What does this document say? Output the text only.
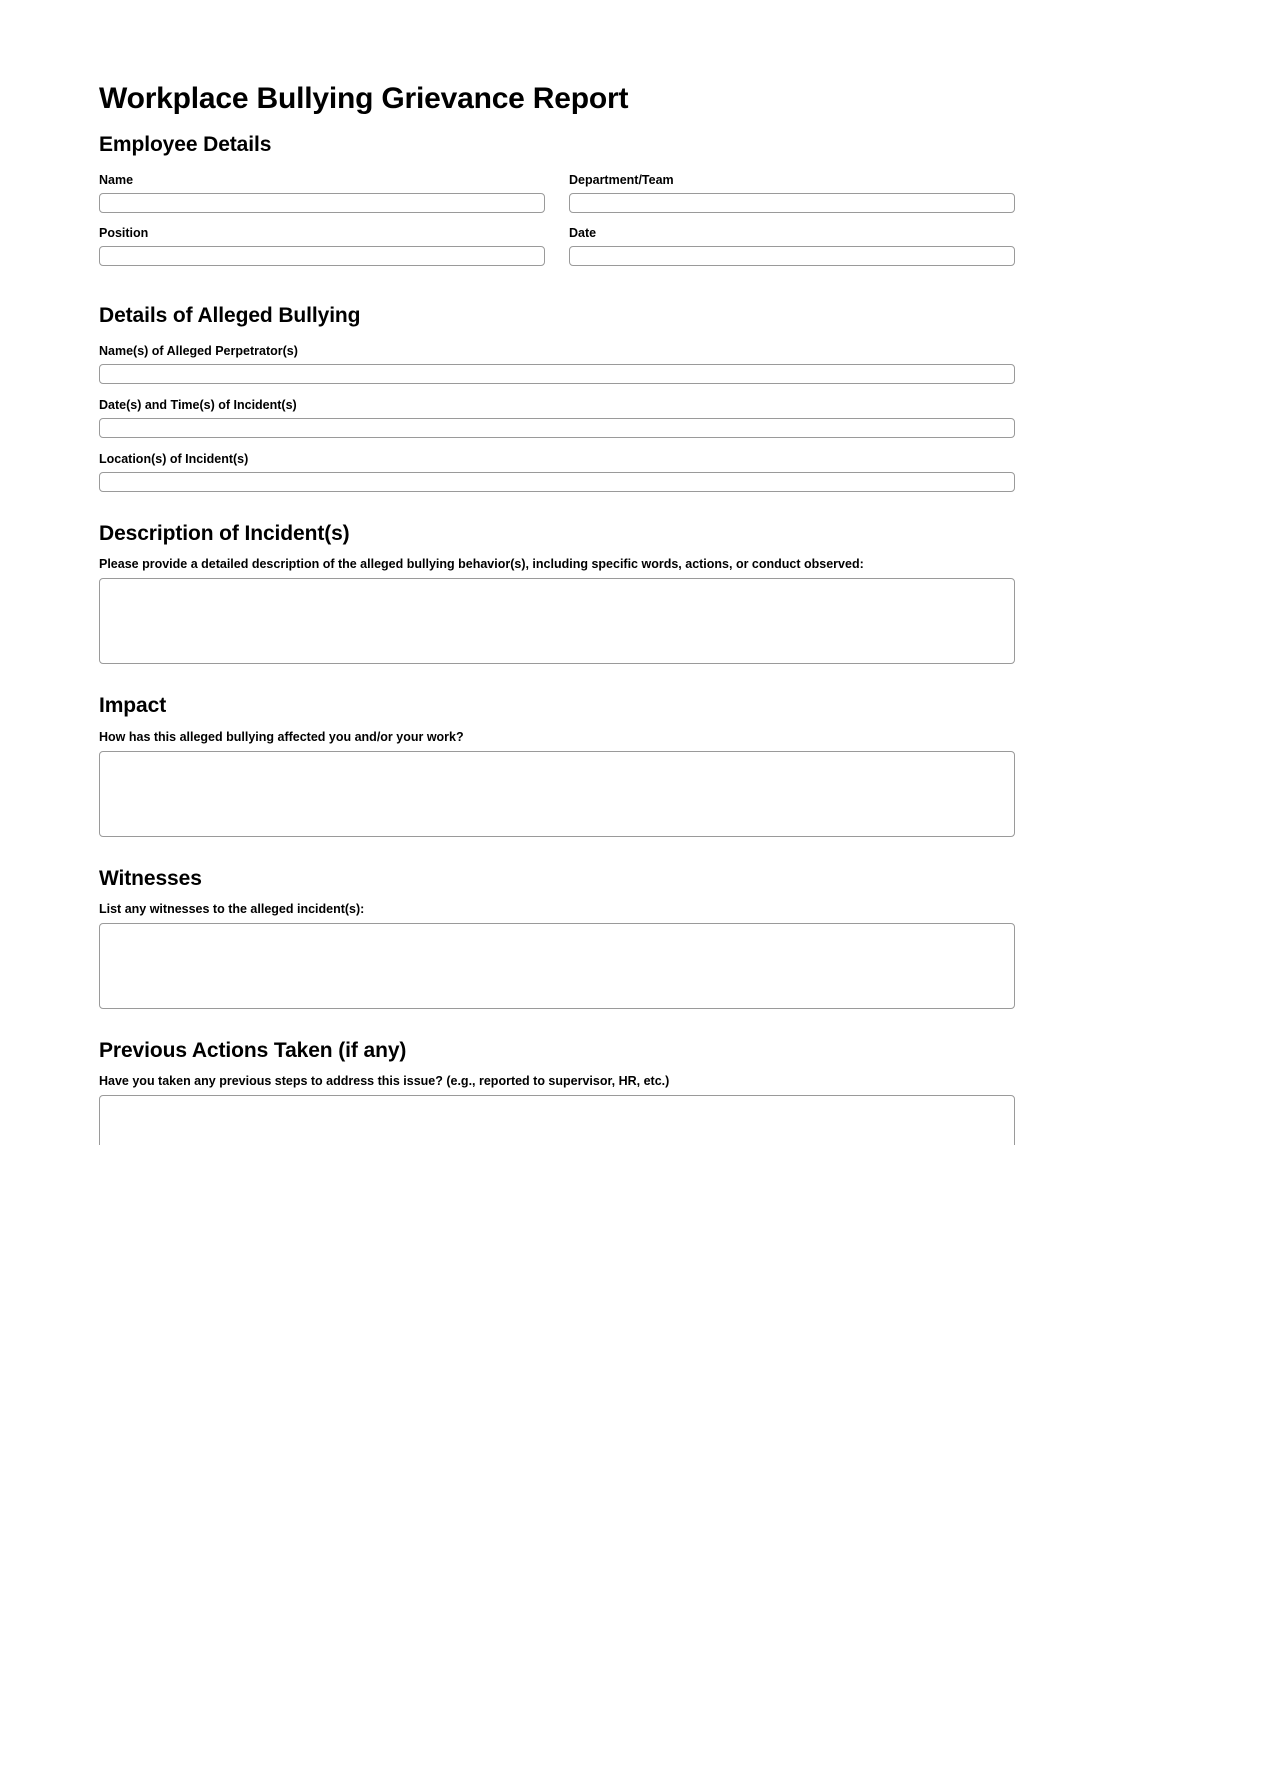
Workplace Bullying Grievance Report
Employee Details
Name	Department/Team
Position	Date
Details of Alleged Bullying
Name(s) of Alleged Perpetrator(s)
Date(s) and Time(s) of Incident(s)
Location(s) of Incident(s)
Description of Incident(s)
Please provide a detailed description of the alleged bullying behavior(s), including specific words, actions, or conduct observed:
Impact
How has this alleged bullying affected you and/or your work?
Witnesses
List any witnesses to the alleged incident(s):
Previous Actions Taken (if any)
Have you taken any previous steps to address this issue? (e.g., reported to supervisor, HR, etc.)
